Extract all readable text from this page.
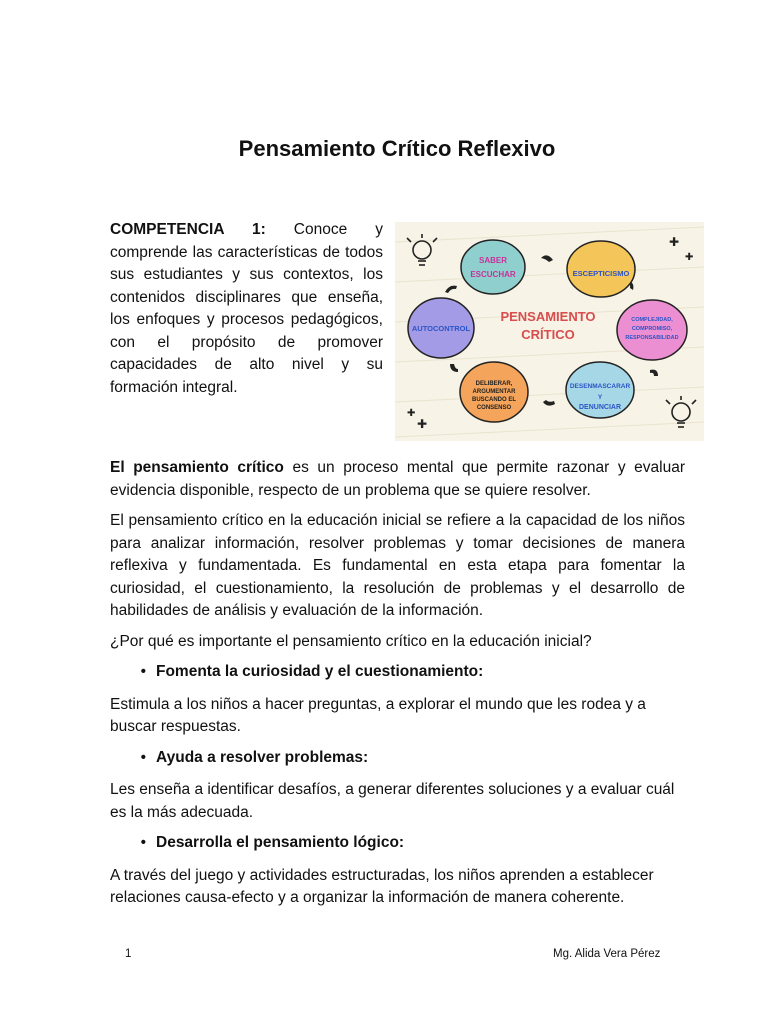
Pensamiento Crítico Reflexivo

COMPETENCIA 1: Conoce y comprende las características de todos sus estudiantes y sus contextos, los contenidos disciplinares que enseña, los enfoques y procesos pedagógicos, con el propósito de promover capacidades de alto nivel y su formación integral.

✚
✚
✚
✚
SABER
ESCUCHAR	ESCEPTICISMO
AUTOCONTROL
COMPLEJIDAD,
COMPROMISO,
RESPONSABILIDAD
DELIBERAR,
ARGUMENTAR
BUSCANDO EL
CONSENSO
DESENMASCARAR
Y
DENUNCIAR
PENSAMIENTO
CRÍTICO

El pensamiento crítico es un proceso mental que permite razonar y evaluar evidencia disponible, respecto de un problema que se quiere resolver.

El pensamiento crítico en la educación inicial se refiere a la capacidad de los niños para analizar información, resolver problemas y tomar decisiones de manera reflexiva y fundamentada. Es fundamental en esta etapa para fomentar la curiosidad, el cuestionamiento, la resolución de problemas y el desarrollo de habilidades de análisis y evaluación de la información.

¿Por qué es importante el pensamiento crítico en la educación inicial?

• Fomenta la curiosidad y el cuestionamiento:

Estimula a los niños a hacer preguntas, a explorar el mundo que les rodea y a buscar respuestas.

• Ayuda a resolver problemas:

Les enseña a identificar desafíos, a generar diferentes soluciones y a evaluar cuál es la más adecuada.

• Desarrolla el pensamiento lógico:

A través del juego y actividades estructuradas, los niños aprenden a establecer relaciones causa-efecto y a organizar la información de manera coherente.

1	Mg. Alida Vera Pérez
